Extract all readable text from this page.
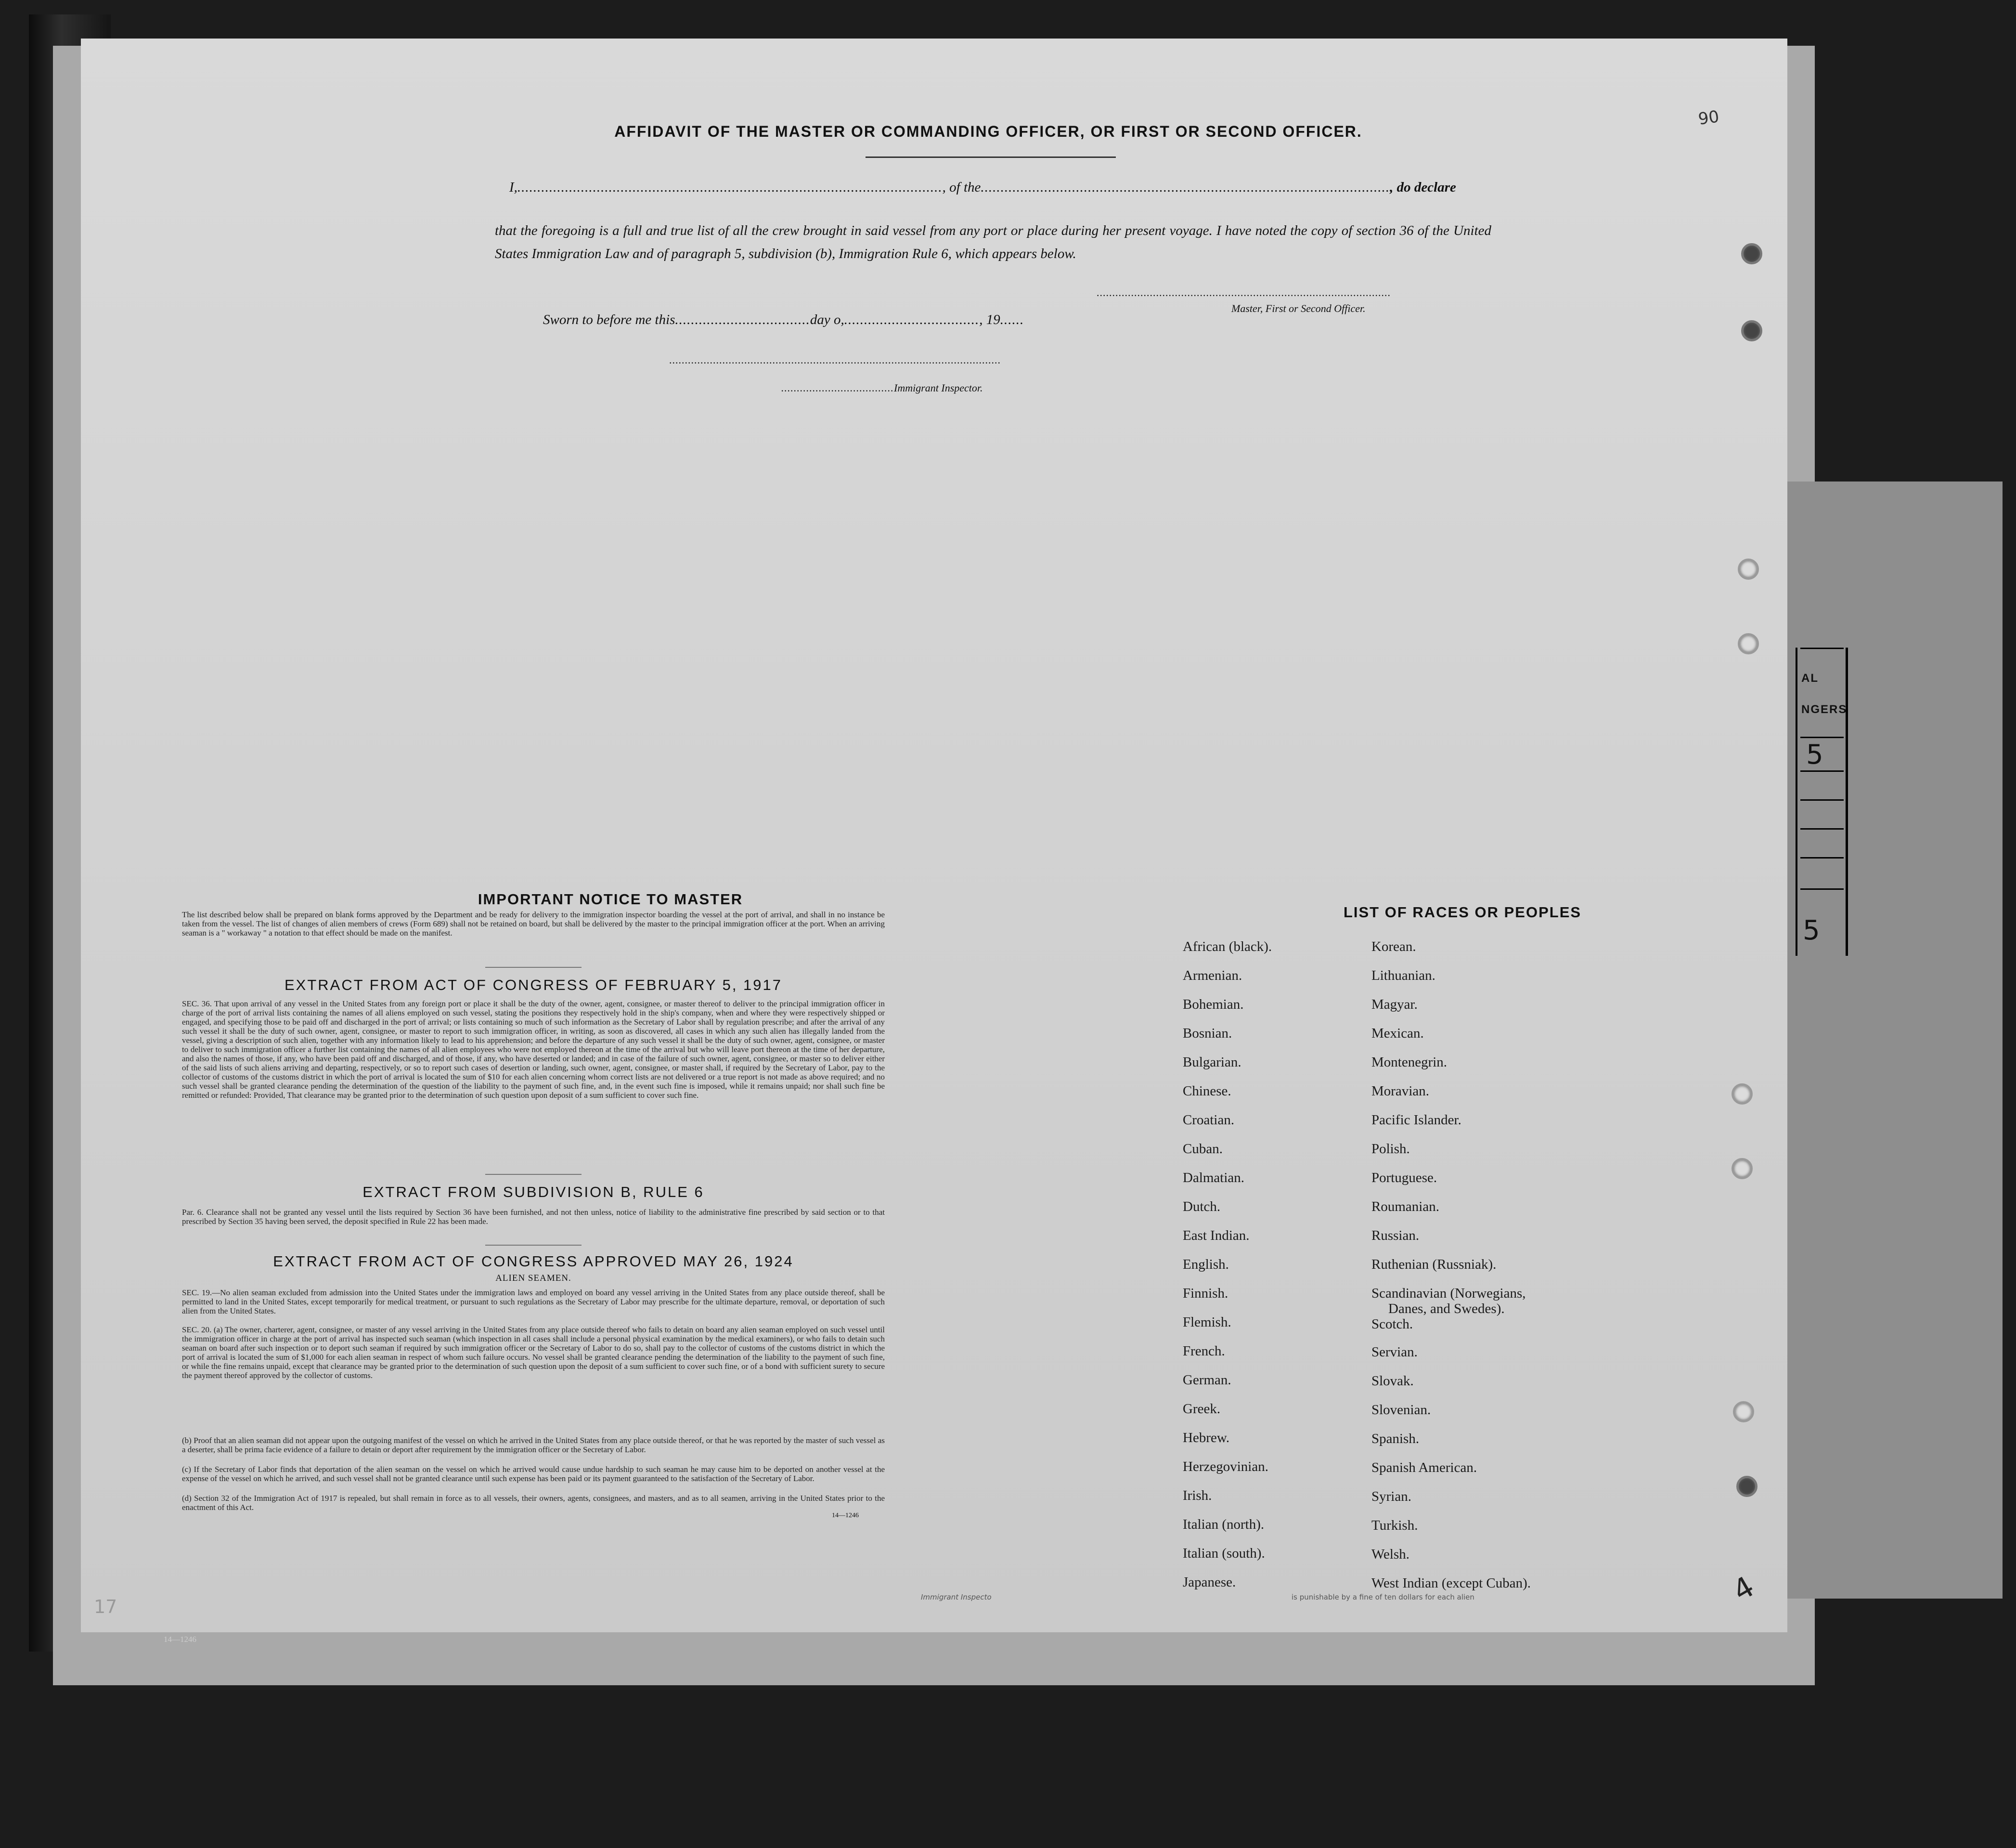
AL
NGERS
5
5
AFFIDAVIT OF THE MASTER OR COMMANDING OFFICER, OR FIRST OR SECOND OFFICER.
I,..........................................................................................................., of the......................................................................................................., do declare
that the foregoing is a full and true list of all the crew brought in said vessel from any port or place during her present voyage. I have noted the copy of section 36 of the United States Immigration Law and of paragraph 5, subdivision (b), Immigration Rule 6, which appears below.
..............................................................................................
Master, First or Second Officer.
Sworn to before me this..................................day o,.................................., 19......
..........................................................................................................
....................................Immigrant Inspector.
IMPORTANT NOTICE TO MASTER
The list described below shall be prepared on blank forms approved by the Department and be ready for delivery to the immigration inspector boarding the vessel at the port of arrival, and shall in no instance be taken from the vessel. The list of changes of alien members of crews (Form 689) shall not be retained on board, but shall be delivered by the master to the principal immigration officer at the port. When an arriving seaman is a " workaway " a notation to that effect should be made on the manifest.
EXTRACT FROM ACT OF CONGRESS OF FEBRUARY 5, 1917
SEC. 36. That upon arrival of any vessel in the United States from any foreign port or place it shall be the duty of the owner, agent, consignee, or master thereof to deliver to the principal immigration officer in charge of the port of arrival lists containing the names of all aliens employed on such vessel, stating the positions they respectively hold in the ship's company, when and where they were respectively shipped or engaged, and specifying those to be paid off and discharged in the port of arrival; or lists containing so much of such information as the Secretary of Labor shall by regulation prescribe; and after the arrival of any such vessel it shall be the duty of such owner, agent, consignee, or master to report to such immigration officer, in writing, as soon as discovered, all cases in which any such alien has illegally landed from the vessel, giving a description of such alien, together with any information likely to lead to his apprehension; and before the departure of any such vessel it shall be the duty of such owner, agent, consignee, or master to deliver to such immigration officer a further list containing the names of all alien employees who were not employed thereon at the time of the arrival but who will leave port thereon at the time of her departure, and also the names of those, if any, who have been paid off and discharged, and of those, if any, who have deserted or landed; and in case of the failure of such owner, agent, consignee, or master so to deliver either of the said lists of such aliens arriving and departing, respectively, or so to report such cases of desertion or landing, such owner, agent, consignee, or master shall, if required by the Secretary of Labor, pay to the collector of customs of the customs district in which the port of arrival is located the sum of $10 for each alien concerning whom correct lists are not delivered or a true report is not made as above required; and no such vessel shall be granted clearance pending the determination of the question of the liability to the payment of such fine, and, in the event such fine is imposed, while it remains unpaid; nor shall such fine be remitted or refunded: Provided, That clearance may be granted prior to the determination of such question upon deposit of a sum sufficient to cover such fine.
EXTRACT FROM SUBDIVISION B, RULE 6
Par. 6. Clearance shall not be granted any vessel until the lists required by Section 36 have been furnished, and not then unless, notice of liability to the administrative fine prescribed by said section or to that prescribed by Section 35 having been served, the deposit specified in Rule 22 has been made.
EXTRACT FROM ACT OF CONGRESS APPROVED MAY 26, 1924
ALIEN SEAMEN.
SEC. 19.—No alien seaman excluded from admission into the United States under the immigration laws and employed on board any vessel arriving in the United States from any place outside thereof, shall be permitted to land in the United States, except temporarily for medical treatment, or pursuant to such regulations as the Secretary of Labor may prescribe for the ultimate departure, removal, or deportation of such alien from the United States.
SEC. 20. (a) The owner, charterer, agent, consignee, or master of any vessel arriving in the United States from any place outside thereof who fails to detain on board any alien seaman employed on such vessel until the immigration officer in charge at the port of arrival has inspected such seaman (which inspection in all cases shall include a personal physical examination by the medical examiners), or who fails to detain such seaman on board after such inspection or to deport such seaman if required by such immigration officer or the Secretary of Labor to do so, shall pay to the collector of customs of the customs district in which the port of arrival is located the sum of $1,000 for each alien seaman in respect of whom such failure occurs. No vessel shall be granted clearance pending the determination of the liability to the payment of such fine, or while the fine remains unpaid, except that clearance may be granted prior to the determination of such question upon the deposit of a sum sufficient to cover such fine, or of a bond with sufficient surety to secure the payment thereof approved by the collector of customs.
(b) Proof that an alien seaman did not appear upon the outgoing manifest of the vessel on which he arrived in the United States from any place outside thereof, or that he was reported by the master of such vessel as a deserter, shall be prima facie evidence of a failure to detain or deport after requirement by the immigration officer or the Secretary of Labor.
(c) If the Secretary of Labor finds that deportation of the alien seaman on the vessel on which he arrived would cause undue hardship to such seaman he may cause him to be deported on another vessel at the expense of the vessel on which he arrived, and such vessel shall not be granted clearance until such expense has been paid or its payment guaranteed to the satisfaction of the Secretary of Labor.
(d) Section 32 of the Immigration Act of 1917 is repealed, but shall remain in force as to all vessels, their owners, agents, consignees, and masters, and as to all seamen, arriving in the United States prior to the enactment of this Act.
14—1246
LIST OF RACES OR PEOPLES
African (black).
Armenian.
Bohemian.
Bosnian.
Bulgarian.
Chinese.
Croatian.
Cuban.
Dalmatian.
Dutch.
East Indian.
English.
Finnish.
Flemish.
French.
German.
Greek.
Hebrew.
Herzegovinian.
Irish.
Italian (north).
Italian (south).
Japanese.
Korean.
Lithuanian.
Magyar.
Mexican.
Montenegrin.
Moravian.
Pacific Islander.
Polish.
Portuguese.
Roumanian.
Russian.
Ruthenian (Russniak).
Scandinavian (Norwegians,
Danes, and Swedes).
Scotch.
Servian.
Slovak.
Slovenian.
Spanish.
Spanish American.
Syrian.
Turkish.
Welsh.
West Indian (except Cuban).
90
4
Immigrant Inspecto	is punishable by a fine of ten dollars for each alien
17
14—1246
